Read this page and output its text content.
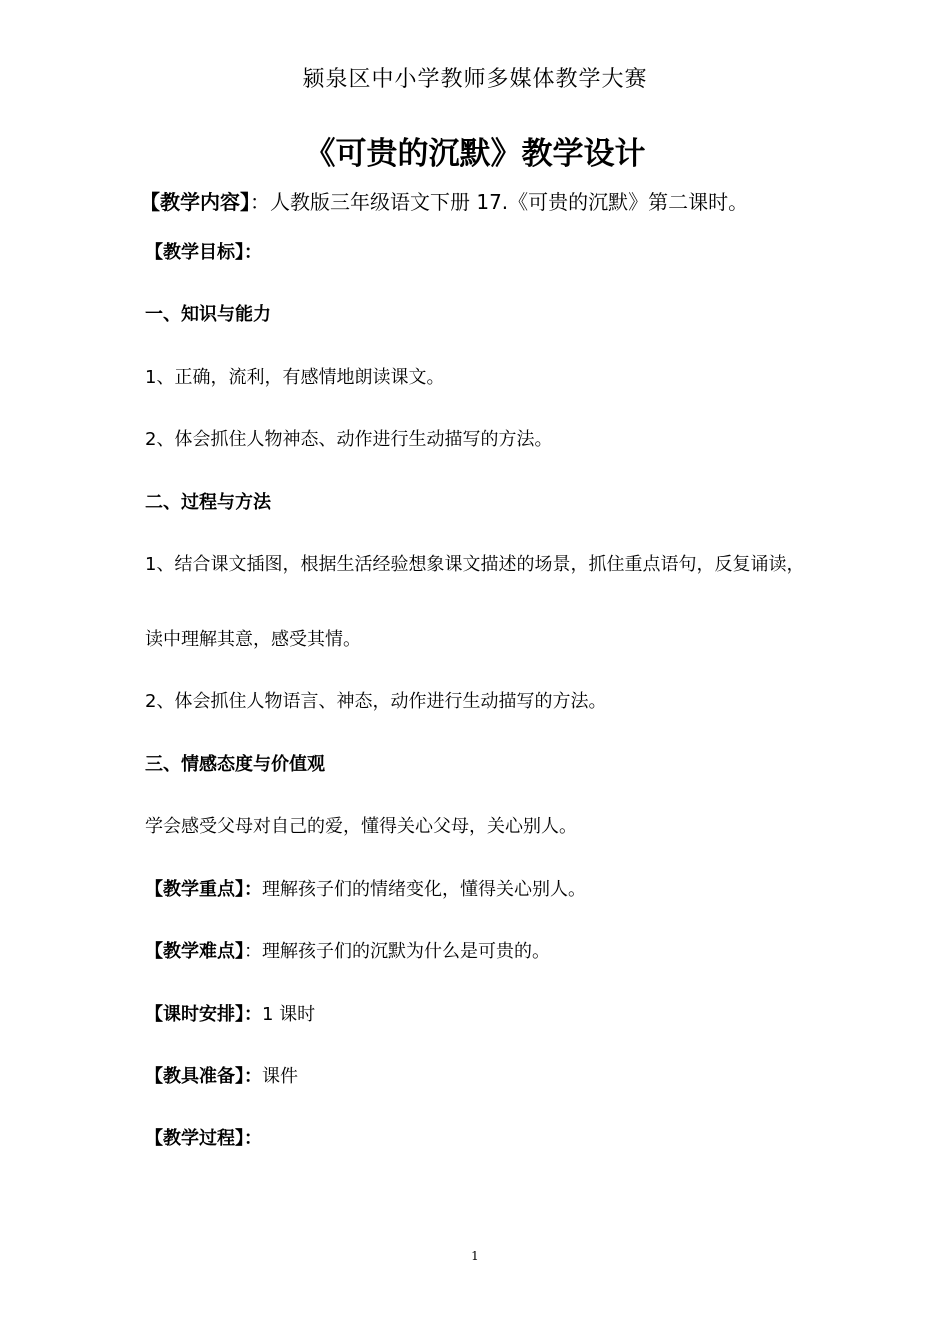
颍泉区中小学教师多媒体教学大赛
《可贵的沉默》教学设计
【教学内容】：人教版三年级语文下册 17.《可贵的沉默》第二课时。
【教学目标】：
一、知识与能力
1、正确，流利，有感情地朗读课文。
2、体会抓住人物神态、动作进行生动描写的方法。
二、过程与方法
1、结合课文插图，根据生活经验想象课文描述的场景，抓住重点语句，反复诵读，
读中理解其意，感受其情。
2、体会抓住人物语言、神态，动作进行生动描写的方法。
三、情感态度与价值观
学会感受父母对自己的爱，懂得关心父母，关心别人。
【教学重点】：理解孩子们的情绪变化，懂得关心别人。
【教学难点】：理解孩子们的沉默为什么是可贵的。
【课时安排】：1 课时
【教具准备】：课件
【教学过程】：
1
